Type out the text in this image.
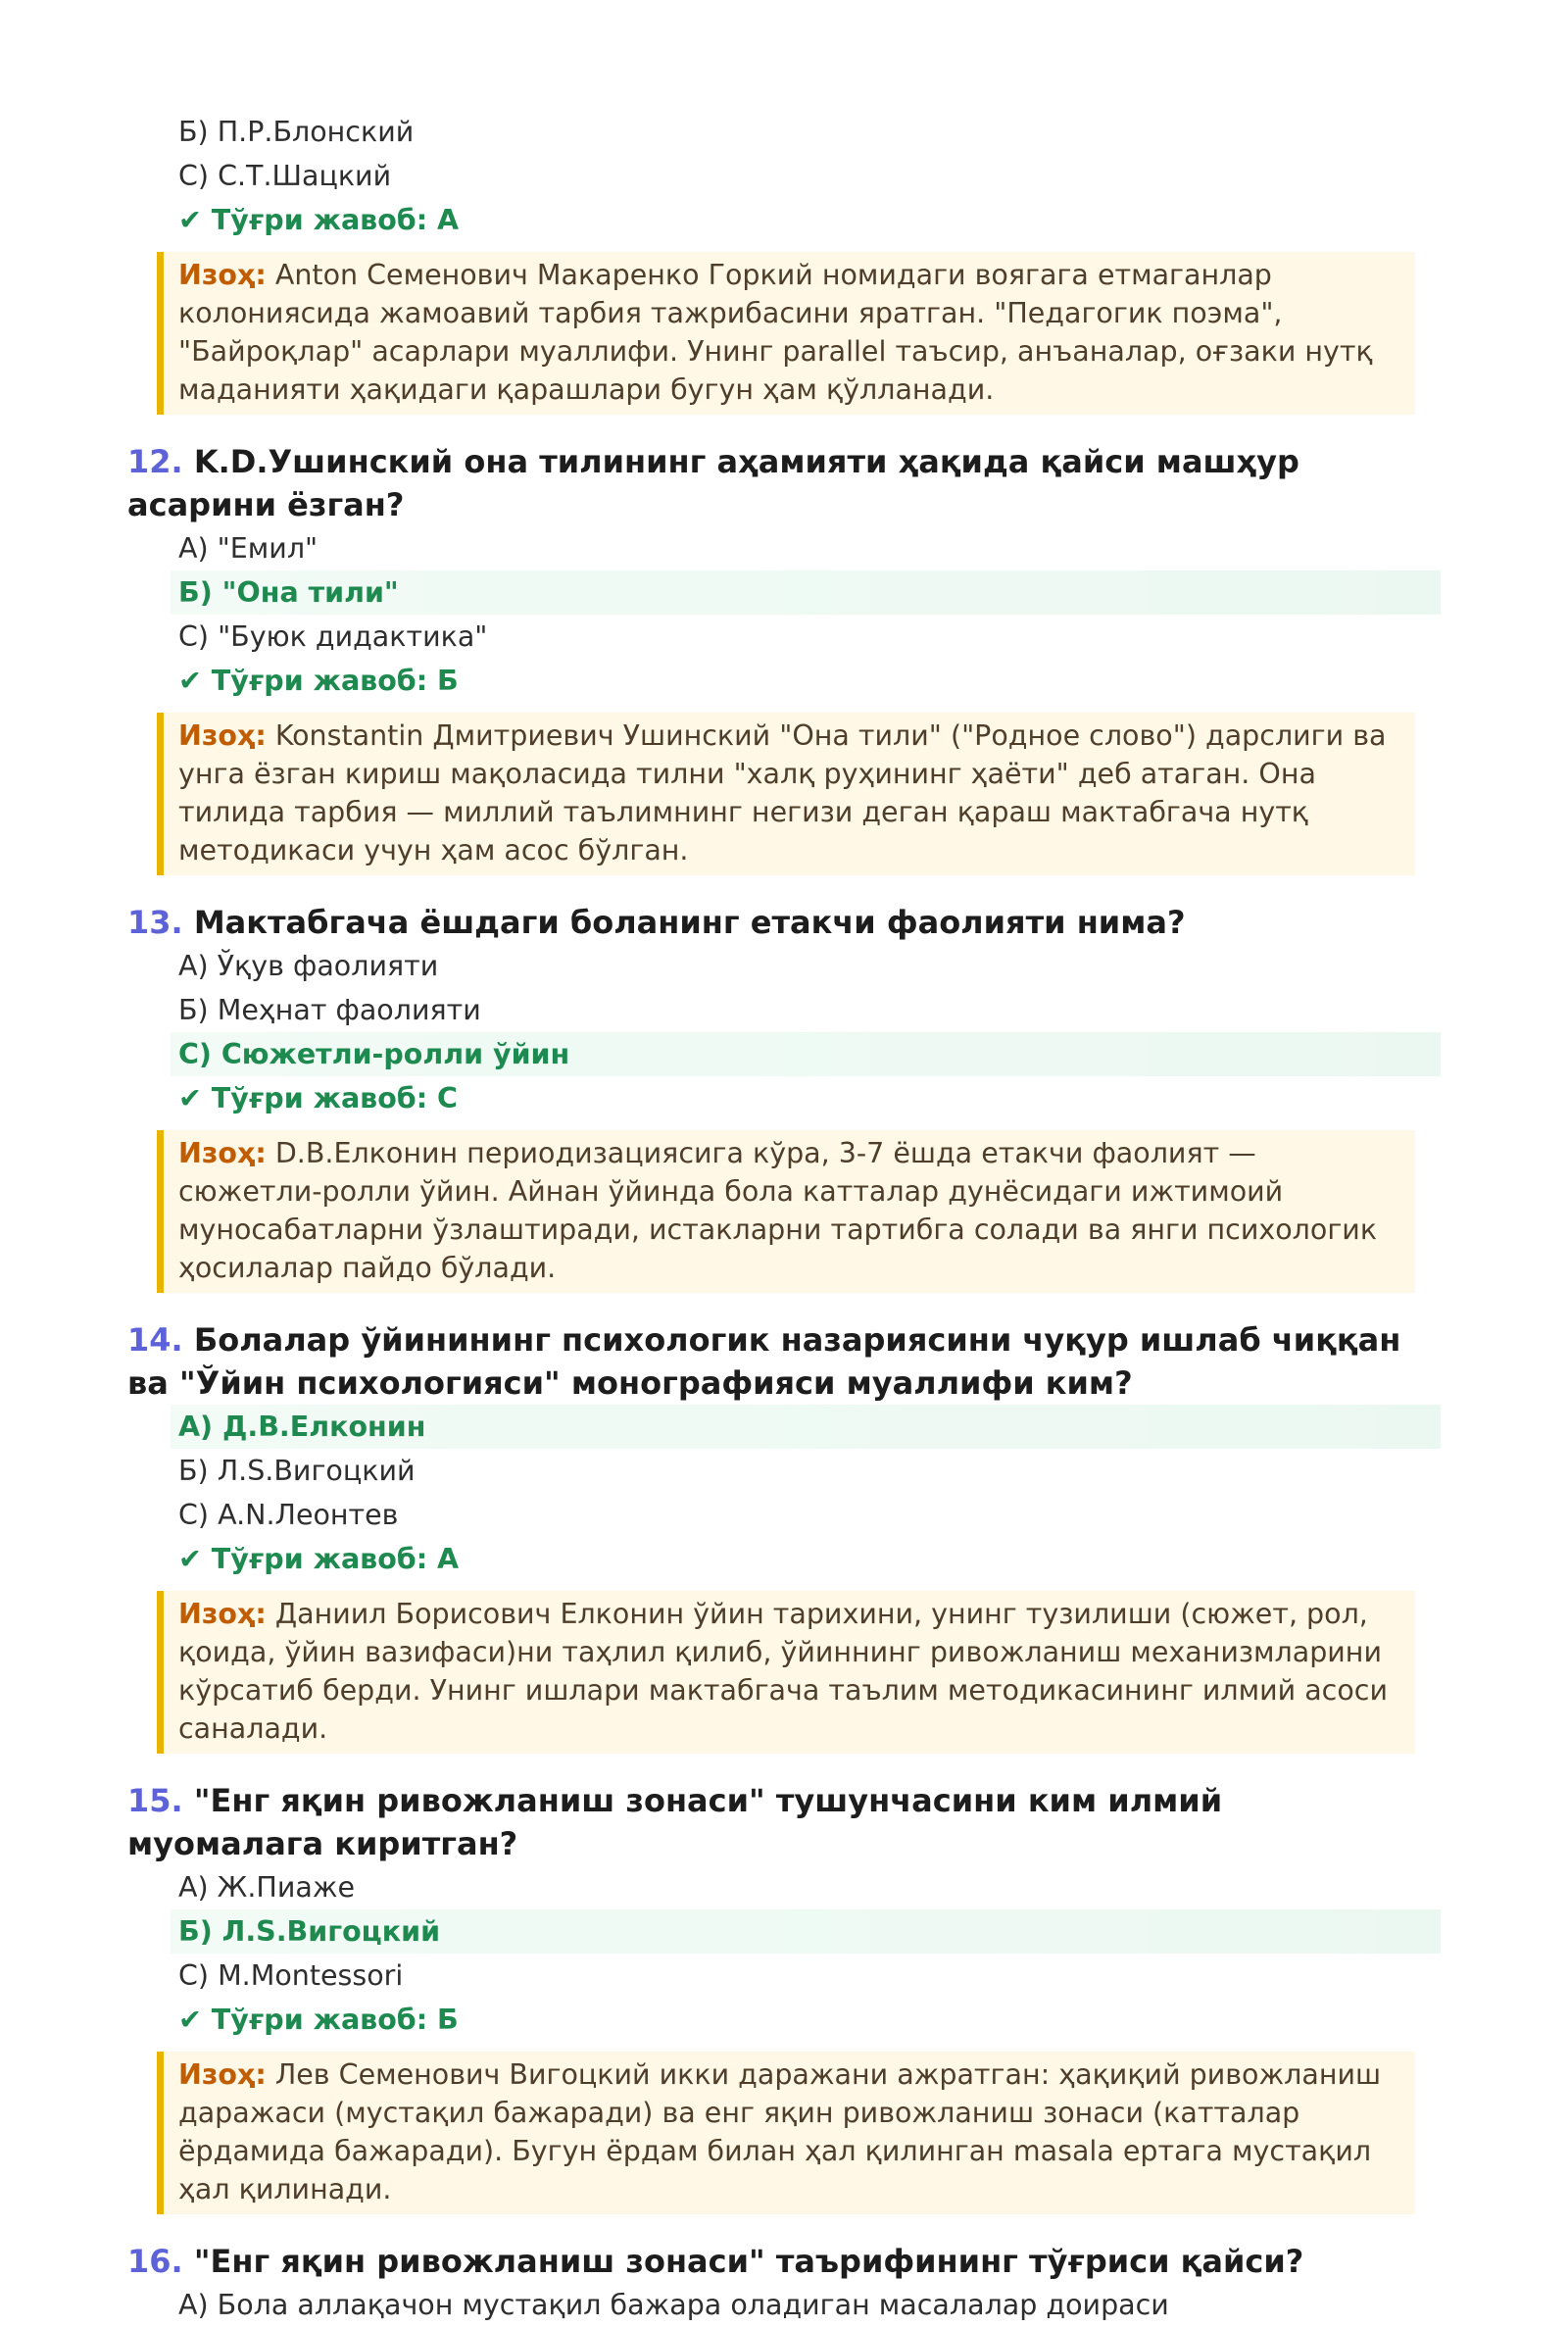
Б) П.Р.Блонский
С) С.Т.Шацкий
✔ Тўғри жавоб: А
Изоҳ: Anton Семенович Макаренко Горкий номидаги воягага етмаганлар колониясида жамоавий тарбия тажрибасини яратган. "Педагогик поэма", "Байроқлар" асарлари муаллифи. Унинг parallel таъсир, анъаналар, оғзаки нутқ маданияти ҳақидаги қарашлари бугун ҳам қўлланади.
12. K.D.Ушинский она тилининг аҳамияти ҳақида қайси машҳур асарини ёзган?
А) "Емил"
Б) "Она тили"
С) "Буюк дидактика"
✔ Тўғри жавоб: Б
Изоҳ: Konstantin Дмитриевич Ушинский "Она тили" ("Родное слово") дарслиги ва унга ёзган кириш мақоласида тилни "халқ руҳининг ҳаёти" деб атаган. Она тилида тарбия — миллий таълимнинг негизи деган қараш мактабгача нутқ методикаси учун ҳам асос бўлган.
13. Мактабгача ёшдаги боланинг етакчи фаолияти нима?
А) Ўқув фаолияти
Б) Меҳнат фаолияти
С) Сюжетли-ролли ўйин
✔ Тўғри жавоб: С
Изоҳ: D.B.Елконин периодизациясига кўра, 3-7 ёшда етакчи фаолият — сюжетли-ролли ўйин. Айнан ўйинда бола катталар дунёсидаги ижтимоий муносабатларни ўзлаштиради, истакларни тартибга солади ва янги психологик ҳосилалар пайдо бўлади.
14. Болалар ўйинининг психологик назариясини чуқур ишлаб чиққан ва "Ўйин психологияси" монографияси муаллифи ким?
А) Д.В.Елконин
Б) Л.S.Вигоцкий
С) A.N.Леонтев
✔ Тўғри жавоб: А
Изоҳ: Даниил Борисович Елконин ўйин тарихини, унинг тузилиши (сюжет, рол, қоида, ўйин вазифаси)ни таҳлил қилиб, ўйиннинг ривожланиш механизмларини кўрсатиб берди. Унинг ишлари мактабгача таълим методикасининг илмий асоси саналади.
15. "Енг яқин ривожланиш зонаси" тушунчасини ким илмий муомалага киритган?
А) Ж.Пиаже
Б) Л.S.Вигоцкий
С) M.Montessori
✔ Тўғри жавоб: Б
Изоҳ: Лев Семенович Вигоцкий икки даражани ажратган: ҳақиқий ривожланиш даражаси (мустақил бажаради) ва енг яқин ривожланиш зонаси (катталар ёрдамида бажаради). Бугун ёрдам билан ҳал қилинган masala ертага мустақил ҳал қилинади.
16. "Енг яқин ривожланиш зонаси" таърифининг тўғриси қайси?
А) Бола аллақачон мустақил бажара оладиган масалалар доираси
